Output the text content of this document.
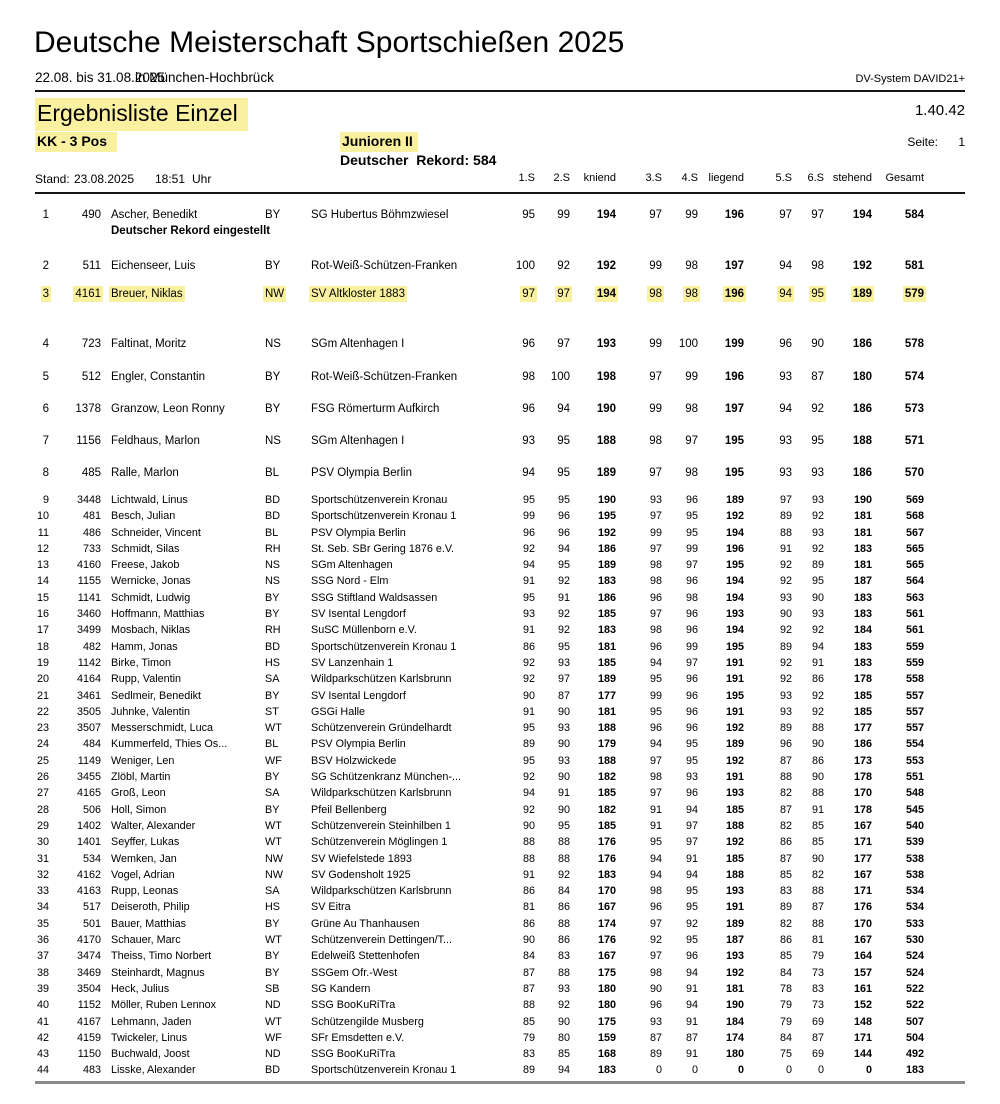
Deutsche Meisterschaft Sportschießen 2025
22.08. bis 31.08.2025
in München-Hochbrück	DV-System DAVID21+
Ergebnisliste Einzel	1.40.42
KK - 3 Pos	Junioren II	Seite: 1
Deutscher  Rekord: 584
Stand: 23.08.2025 18:51 Uhr	1.S	2.S	kniend	3.S	4.S liegend	5.S	6.S stehend	Gesamt
1	490 Ascher, Benedikt	BY	SG Hubertus Böhmzwiesel	95	99	194	97	99	196	97	97	194	584
Deutscher Rekord eingestellt
2	511 Eichenseer, Luis	BY	Rot-Weiß-Schützen-Franken	100	92	192	99	98	197	94	98	192	581
3	4161 Breuer, Niklas	NW	SV Altkloster 1883	97	97	194	98	98	196	94	95	189	579
4	723 Faltinat, Moritz	NS	SGm Altenhagen I	96	97	193	99	100	199	96	90	186	578
5	512 Engler, Constantin	BY	Rot-Weiß-Schützen-Franken	98	100	198	97	99	196	93	87	180	574
6	1378 Granzow, Leon Ronny	BY	FSG Römerturm Aufkirch	96	94	190	99	98	197	94	92	186	573
7	1156 Feldhaus, Marlon	NS	SGm Altenhagen I	93	95	188	98	97	195	93	95	188	571
8	485 Ralle, Marlon	BL	PSV Olympia Berlin	94	95	189	97	98	195	93	93	186	570
9	3448 Lichtwald, Linus	BD	Sportschützenverein Kronau	95	95	190	93	96	189	97	93	190	569
10	481 Besch, Julian	BD	Sportschützenverein Kronau 1	99	96	195	97	95	192	89	92	181	568
11	486 Schneider, Vincent	BL	PSV Olympia Berlin	96	96	192	99	95	194	88	93	181	567
12	733 Schmidt, Silas	RH	St. Seb. SBr Gering 1876 e.V.	92	94	186	97	99	196	91	92	183	565
13	4160 Freese, Jakob	NS	SGm Altenhagen	94	95	189	98	97	195	92	89	181	565
14	1155 Wernicke, Jonas	NS	SSG Nord - Elm	91	92	183	98	96	194	92	95	187	564
15	1141 Schmidt, Ludwig	BY	SSG Stiftland Waldsassen	95	91	186	96	98	194	93	90	183	563
16	3460 Hoffmann, Matthias	BY	SV Isental Lengdorf	93	92	185	97	96	193	90	93	183	561
17	3499 Mosbach, Niklas	RH	SuSC Müllenborn e.V.	91	92	183	98	96	194	92	92	184	561
18	482 Hamm, Jonas	BD	Sportschützenverein Kronau 1	86	95	181	96	99	195	89	94	183	559
19	1142 Birke, Timon	HS	SV Lanzenhain 1	92	93	185	94	97	191	92	91	183	559
20	4164 Rupp, Valentin	SA	Wildparkschützen Karlsbrunn	92	97	189	95	96	191	92	86	178	558
21	3461 Sedlmeir, Benedikt	BY	SV Isental Lengdorf	90	87	177	99	96	195	93	92	185	557
22	3505 Juhnke, Valentin	ST	GSGi Halle	91	90	181	95	96	191	93	92	185	557
23	3507 Messerschmidt, Luca	WT	Schützenverein Gründelhardt	95	93	188	96	96	192	89	88	177	557
24	484 Kummerfeld, Thies Os...	BL	PSV Olympia Berlin	89	90	179	94	95	189	96	90	186	554
25	1149 Weniger, Len	WF	BSV Holzwickede	95	93	188	97	95	192	87	86	173	553
26	3455 Zlöbl, Martin	BY	SG Schützenkranz München-...	92	90	182	98	93	191	88	90	178	551
27	4165 Groß, Leon	SA	Wildparkschützen Karlsbrunn	94	91	185	97	96	193	82	88	170	548
28	506 Holl, Simon	BY	Pfeil Bellenberg	92	90	182	91	94	185	87	91	178	545
29	1402 Walter, Alexander	WT	Schützenverein Steinhilben 1	90	95	185	91	97	188	82	85	167	540
30	1401 Seyffer, Lukas	WT	Schützenverein Möglingen 1	88	88	176	95	97	192	86	85	171	539
31	534 Wemken, Jan	NW	SV Wiefelstede 1893	88	88	176	94	91	185	87	90	177	538
32	4162 Vogel, Adrian	NW	SV Godensholt 1925	91	92	183	94	94	188	85	82	167	538
33	4163 Rupp, Leonas	SA	Wildparkschützen Karlsbrunn	86	84	170	98	95	193	83	88	171	534
34	517 Deiseroth, Philip	HS	SV Eitra	81	86	167	96	95	191	89	87	176	534
35	501 Bauer, Matthias	BY	Grüne Au Thanhausen	86	88	174	97	92	189	82	88	170	533
36	4170 Schauer, Marc	WT	Schützenverein Dettingen/T...	90	86	176	92	95	187	86	81	167	530
37	3474 Theiss, Timo Norbert	BY	Edelweiß Stettenhofen	84	83	167	97	96	193	85	79	164	524
38	3469 Steinhardt, Magnus	BY	SSGem Ofr.-West	87	88	175	98	94	192	84	73	157	524
39	3504 Heck, Julius	SB	SG Kandern	87	93	180	90	91	181	78	83	161	522
40	1152 Möller, Ruben Lennox	ND	SSG BooKuRiTra	88	92	180	96	94	190	79	73	152	522
41	4167 Lehmann, Jaden	WT	Schützengilde Musberg	85	90	175	93	91	184	79	69	148	507
42	4159 Twickeler, Linus	WF	SFr Emsdetten e.V.	79	80	159	87	87	174	84	87	171	504
43	1150 Buchwald, Joost	ND	SSG BooKuRiTra	83	85	168	89	91	180	75	69	144	492
44	483 Lisske, Alexander	BD	Sportschützenverein Kronau 1	89	94	183	0	0	0	0	0	0	183
